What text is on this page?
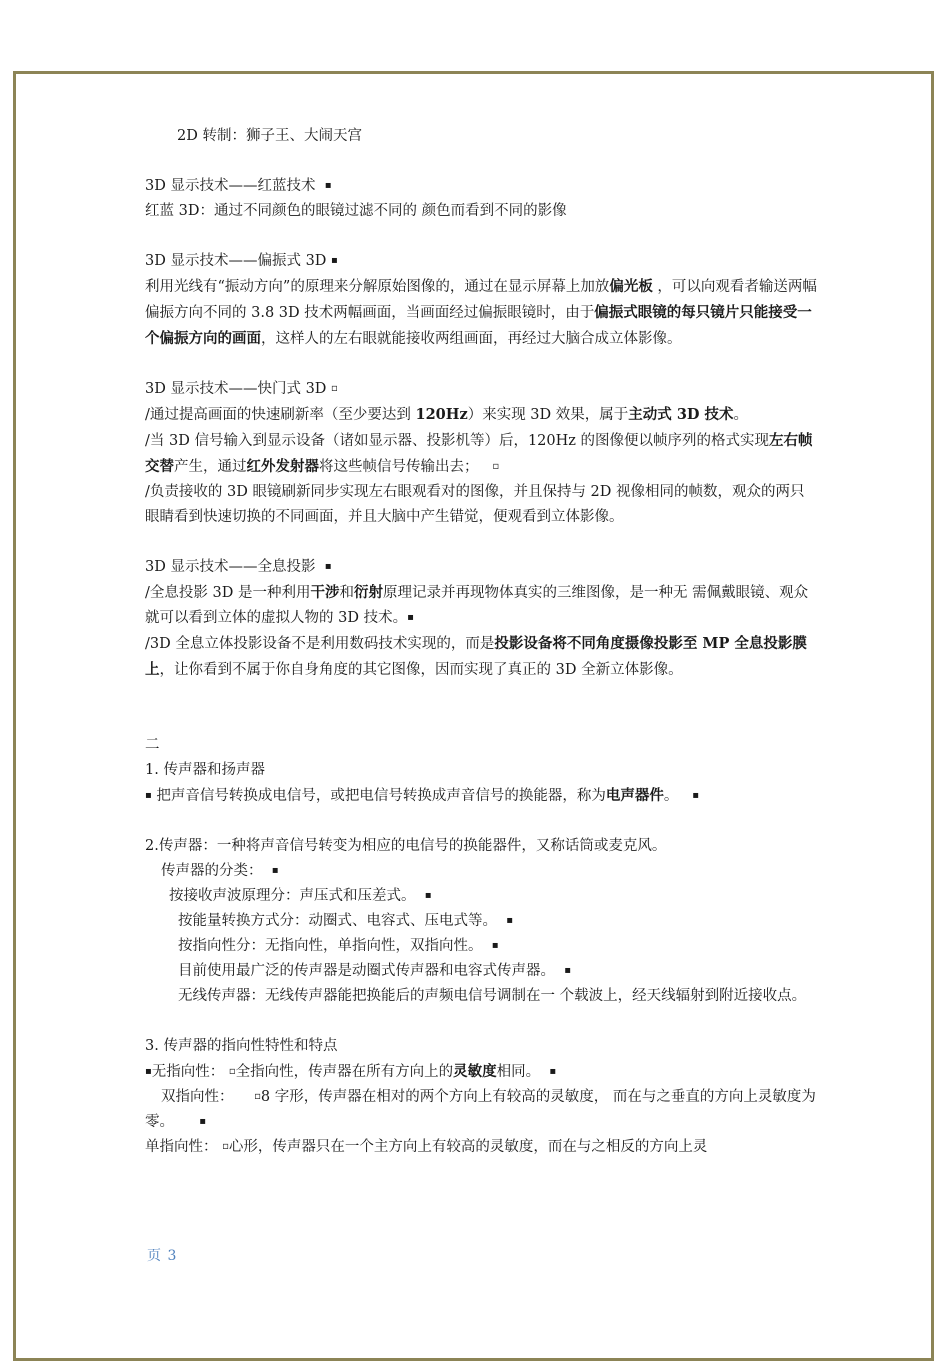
2D 转制：狮子王、大闹天宫

3D 显示技术——红蓝技术 ▪

红蓝 3D：通过不同颜色的眼镜过滤不同的 颜色而看到不同的影像

3D 显示技术——偏振式 3D ▪

利用光线有“振动方向”的原理来分解原始图像的，通过在显示屏幕上加放偏光板 ，可以向观看者输送两幅偏振方向不同的 3.8 3D 技术两幅画面，当画面经过偏振眼镜时，由于偏振式眼镜的每只镜片只能接受一个偏振方向的画面，这样人的左右眼就能接收两组画面，再经过大脑合成立体影像。

3D 显示技术——快门式 3D ▫

/通过提高画面的快速刷新率（至少要达到 120Hz）来实现 3D 效果，属于主动式 3D 技术。

/当 3D 信号输入到显示设备（诸如显示器、投影机等）后，120Hz 的图像便以帧序列的格式实现左右帧交替产生，通过红外发射器将这些帧信号传输出去； ▫

/负责接收的 3D 眼镜刷新同步实现左右眼观看对的图像，并且保持与 2D 视像相同的帧数，观众的两只眼睛看到快速切换的不同画面，并且大脑中产生错觉，便观看到立体影像。

3D 显示技术——全息投影 ▪

/全息投影 3D 是一种利用干涉和衍射原理记录并再现物体真实的三维图像，是一种无 需佩戴眼镜、观众就可以看到立体的虚拟人物的 3D 技术。▪

/3D 全息立体投影设备不是利用数码技术实现的，而是投影设备将不同角度摄像投影至 MP 全息投影膜上，让你看到不属于你自身角度的其它图像，因而实现了真正的 3D 全新立体影像。

二

1. 传声器和扬声器

▪ 把声音信号转换成电信号，或把电信号转换成声音信号的换能器，称为电声器件。   ▪

2.传声器：一种将声音信号转变为相应的电信号的换能器件，又称话筒或麦克风。

传声器的分类： ▪

按接收声波原理分：声压式和压差式。 ▪

按能量转换方式分：动圈式、电容式、压电式等。 ▪

按指向性分：无指向性，单指向性，双指向性。 ▪

目前使用最广泛的传声器是动圈式传声器和电容式传声器。 ▪

无线传声器：无线传声器能把换能后的声频电信号调制在一 个载波上，经天线辐射到附近接收点。

3. 传声器的指向性特性和特点

▪无指向性： ▫全指向性，传声器在所有方向上的灵敏度相同。  ▪

双指向性： ▫8 字形，传声器在相对的两个方向上有较高的灵敏度， 而在与之垂直的方向上灵敏度为零。  ▪

单指向性： ▫心形，传声器只在一个主方向上有较高的灵敏度，而在与之相反的方向上灵

页 3
